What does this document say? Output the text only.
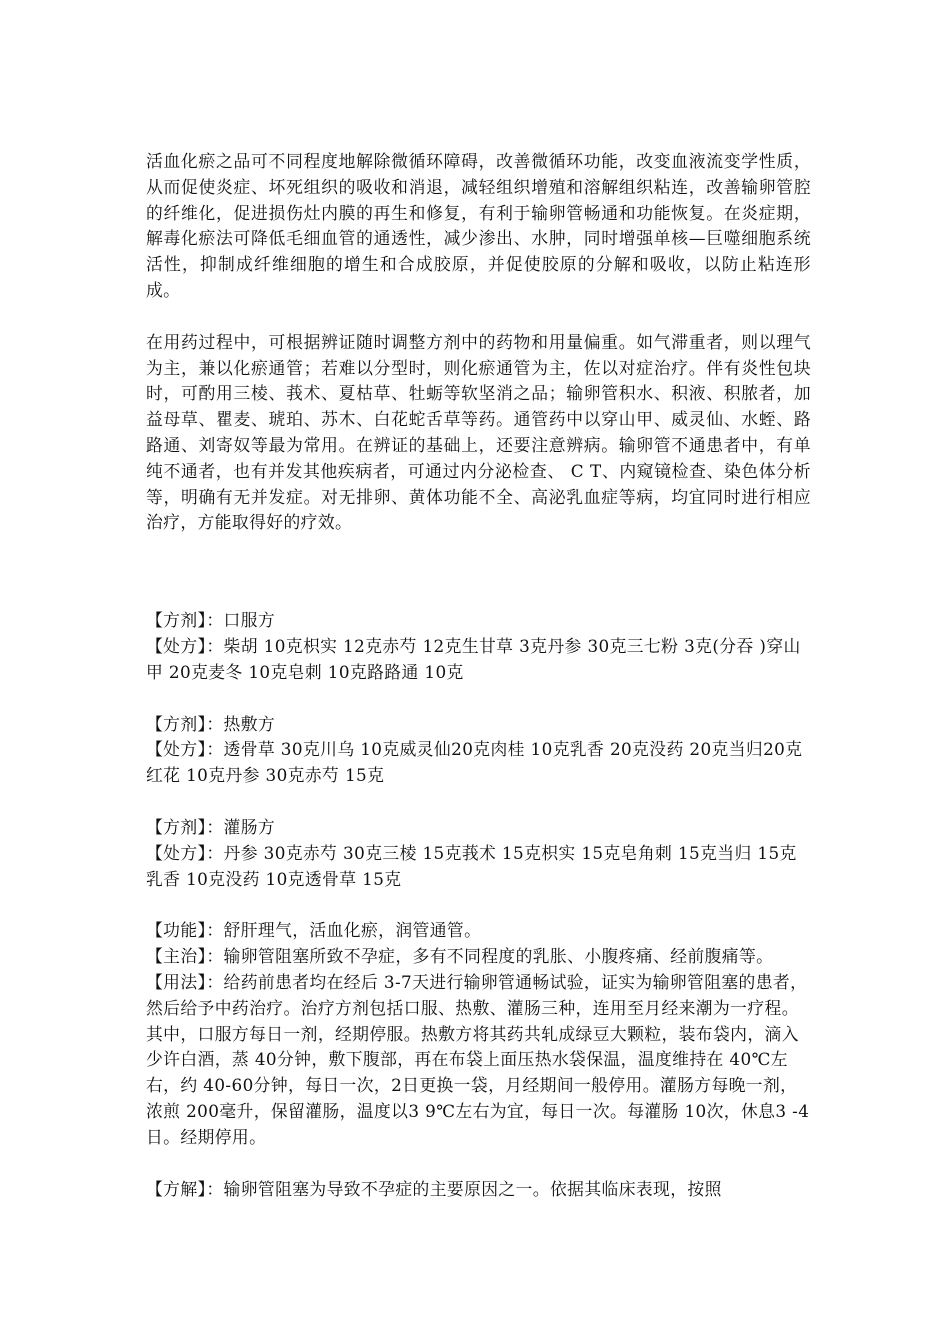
活血化瘀之品可不同程度地解除微循环障碍，改善微循环功能，改变血液流变学性质，从而促使炎症、坏死组织的吸收和消退，减轻组织增殖和溶解组织粘连，改善输卵管腔的纤维化，促进损伤灶内膜的再生和修复，有利于输卵管畅通和功能恢复。在炎症期，解毒化瘀法可降低毛细血管的通透性，减少渗出、水肿，同时增强单核—巨噬细胞系统活性，抑制成纤维细胞的增生和合成胶原，并促使胶原的分解和吸收，以防止粘连形成。

在用药过程中，可根据辨证随时调整方剂中的药物和用量偏重。如气滞重者，则以理气为主，兼以化瘀通管；若难以分型时，则化瘀通管为主，佐以对症治疗。伴有炎性包块时，可酌用三棱、莪术、夏枯草、牡蛎等软坚消之品；输卵管积水、积液、积脓者，加益母草、瞿麦、琥珀、苏木、白花蛇舌草等药。通管药中以穿山甲、威灵仙、水蛭、路路通、刘寄奴等最为常用。在辨证的基础上，还要注意辨病。输卵管不通患者中，有单纯不通者，也有并发其他疾病者，可通过内分泌检查、 C T、内窥镜检查、染色体分析等，明确有无并发症。对无排卵、黄体功能不全、高泌乳血症等病，均宜同时进行相应治疗，方能取得好的疗效。

【方剂】：口服方

【处方】：柴胡 10克枳实 12克赤芍 12克生甘草 3克丹参 30克三七粉 3克(分吞 )穿山甲 20克麦冬 10克皂刺 10克路路通 10克

【方剂】：热敷方

【处方】：透骨草 30克川乌 10克威灵仙20克肉桂 10克乳香 20克没药 20克当归20克红花 10克丹参 30克赤芍 15克

【方剂】：灌肠方

【处方】：丹参 30克赤芍 30克三棱 15克莪术 15克枳实 15克皂角刺 15克当归 15克乳香 10克没药 10克透骨草 15克

【功能】：舒肝理气，活血化瘀，润管通管。

【主治】：输卵管阻塞所致不孕症，多有不同程度的乳胀、小腹疼痛、经前腹痛等。

【用法】：给药前患者均在经后 3-7天进行输卵管通畅试验，证实为输卵管阻塞的患者，然后给予中药治疗。治疗方剂包括口服、热敷、灌肠三种，连用至月经来潮为一疗程。其中，口服方每日一剂，经期停服。热敷方将其药共轧成绿豆大颗粒，装布袋内，滴入少许白酒，蒸 40分钟，敷下腹部，再在布袋上面压热水袋保温，温度维持在 40℃左右，约 40-60分钟，每日一次，2日更换一袋，月经期间一般停用。灌肠方每晚一剂，浓煎 200毫升，保留灌肠，温度以3 9℃左右为宜，每日一次。每灌肠 10次，休息3 -4日。经期停用。

【方解】：输卵管阻塞为导致不孕症的主要原因之一。依据其临床表现，按照
